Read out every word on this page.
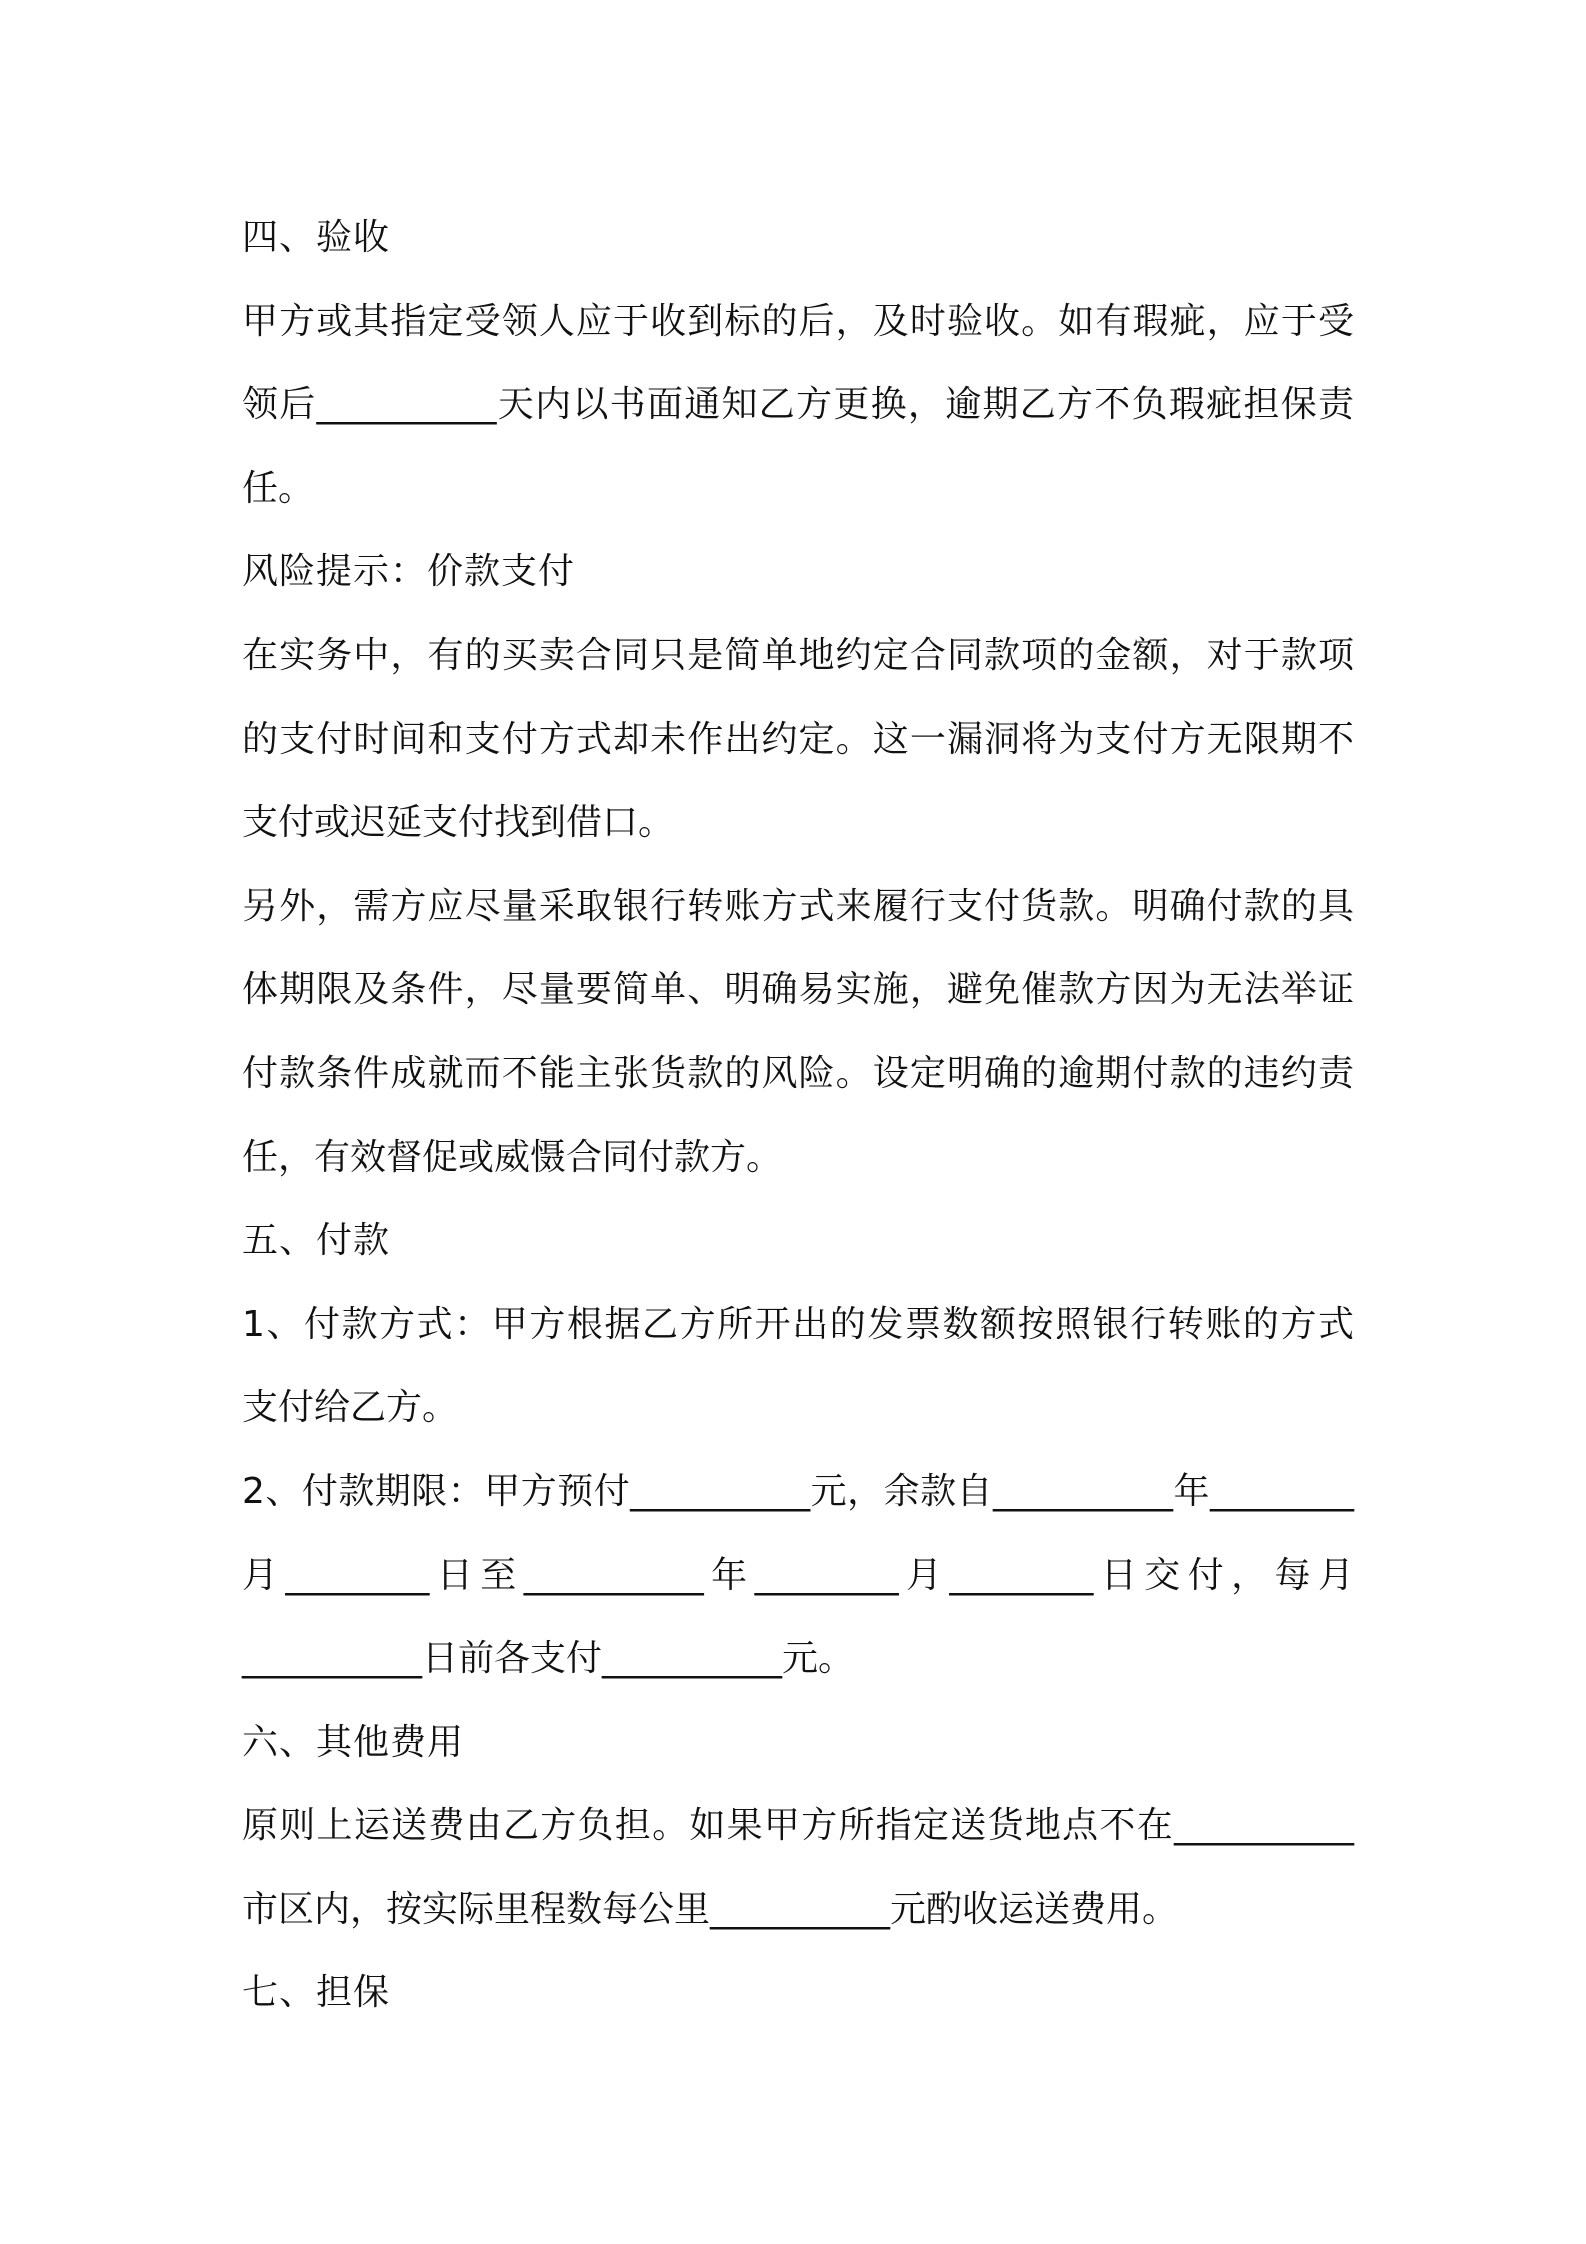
四、验收
甲方或其指定受领人应于收到标的后，及时验收。如有瑕疵，应于受
领后__________天内以书面通知乙方更换，逾期乙方不负瑕疵担保责
任。
风险提示：价款支付
在实务中，有的买卖合同只是简单地约定合同款项的金额，对于款项
的支付时间和支付方式却未作出约定。这一漏洞将为支付方无限期不
支付或迟延支付找到借口。
另外，需方应尽量采取银行转账方式来履行支付货款。明确付款的具
体期限及条件，尽量要简单、明确易实施，避免催款方因为无法举证
付款条件成就而不能主张货款的风险。设定明确的逾期付款的违约责
任，有效督促或威慑合同付款方。
五、付款
1、付款方式：甲方根据乙方所开出的发票数额按照银行转账的方式
支付给乙方。
2、付款期限：甲方预付__________元，余款自__________年________
月________日至__________年________月________日交付，每月
__________日前各支付__________元。
六、其他费用
原则上运送费由乙方负担。如果甲方所指定送货地点不在__________
市区内，按实际里程数每公里__________元酌收运送费用。
七、担保
